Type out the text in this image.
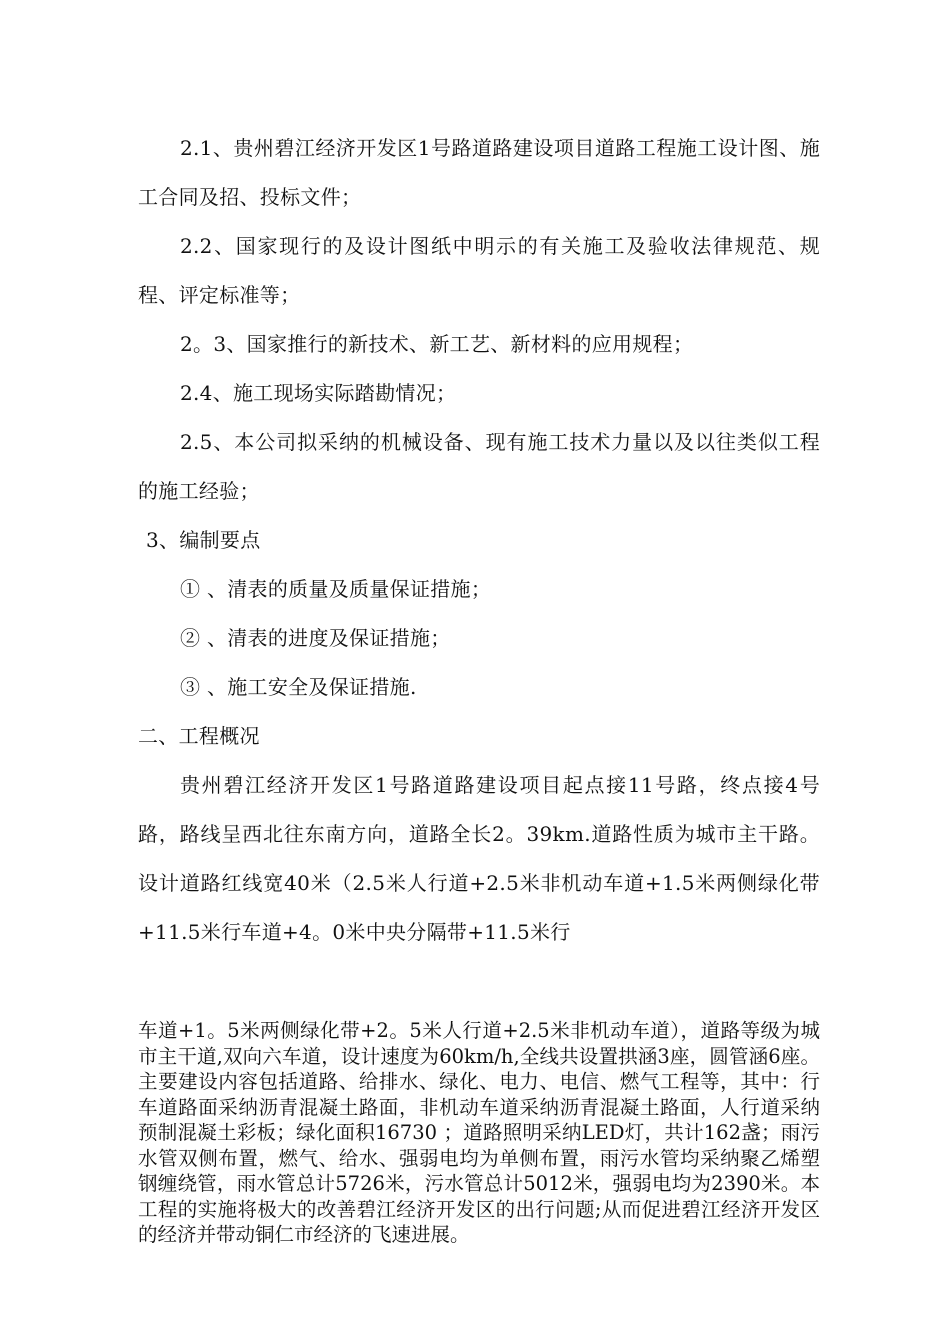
2.1、贵州碧江经济开发区1号路道路建设项目道路工程施工设计图、施工合同及招、投标文件；

2.2、国家现行的及设计图纸中明示的有关施工及验收法律规范、规程、评定标准等；

2。3、国家推行的新技术、新工艺、新材料的应用规程；

2.4、施工现场实际踏勘情况；

2.5、本公司拟采纳的机械设备、现有施工技术力量以及以往类似工程的施工经验；

3、编制要点

① 、清表的质量及质量保证措施；

② 、清表的进度及保证措施；

③ 、施工安全及保证措施.

二、工程概况

贵州碧江经济开发区1号路道路建设项目起点接11号路，终点接4号路，路线呈西北往东南方向，道路全长2。39km.道路性质为城市主干路。设计道路红线宽40米（2.5米人行道+2.5米非机动车道+1.5米两侧绿化带+11.5米行车道+4。0米中央分隔带+11.5米行

车道+1。5米两侧绿化带+2。5米人行道+2.5米非机动车道），道路等级为城市主干道,双向六车道，设计速度为60km/h,全线共设置拱涵3座，圆管涵6座。主要建设内容包括道路、给排水、绿化、电力、电信、燃气工程等，其中：行车道路面采纳沥青混凝土路面，非机动车道采纳沥青混凝土路面，人行道采纳预制混凝土彩板；绿化面积16730 ；道路照明采纳LED灯，共计162盏；雨污水管双侧布置，燃气、给水、强弱电均为单侧布置，雨污水管均采纳聚乙烯塑钢缠绕管，雨水管总计5726米，污水管总计5012米，强弱电均为2390米。本工程的实施将极大的改善碧江经济开发区的出行问题;从而促进碧江经济开发区的经济并带动铜仁市经济的飞速进展。
